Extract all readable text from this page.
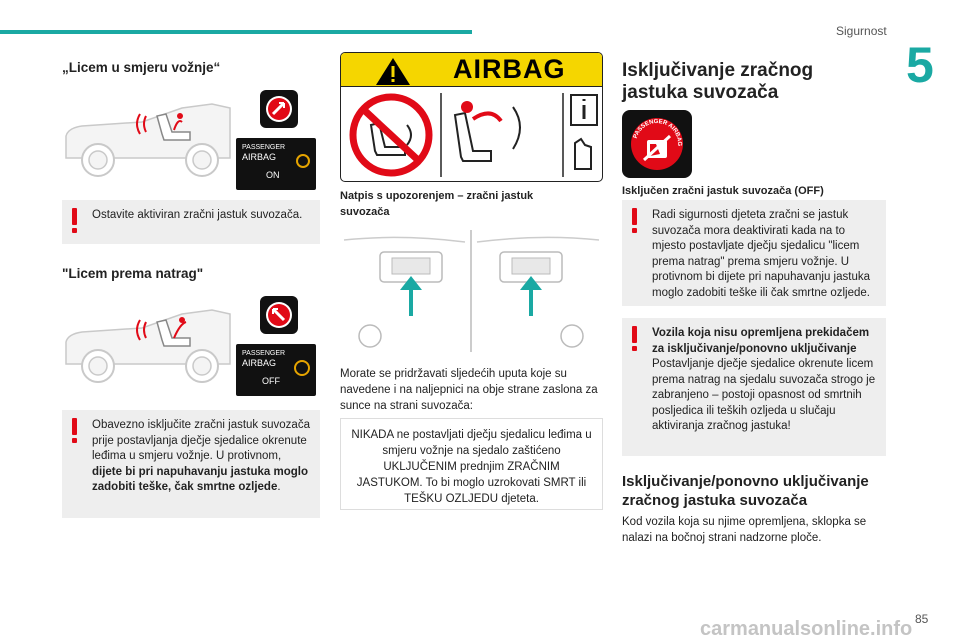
Sigurnost
5
„Licem u smjeru vožnje“
PASSENGER
AIRBAG
ON
Ostavite aktiviran zračni jastuk suvozača.
"Licem prema natrag"
PASSENGER
AIRBAG
OFF
Obavezno isključite zračni jastuk suvozača prije postavljanja dječje sjedalice okrenute leđima u smjeru vožnje. U protivnom, dijete bi pri napuhavanju jastuka moglo zadobiti teške, čak smrtne ozljede.
AIRBAG
Natpis s upozorenjem – zračni jastuk suvozača
Morate se pridržavati sljedećih uputa koje su navedene i na naljepnici na obje strane zaslona za sunce na strani suvozača:
NIKADA ne postavljati dječju sjedalicu leđima u smjeru vožnje na sjedalo zaštićeno UKLJUČENIM prednjim ZRAČNIM JASTUKOM. To bi moglo uzrokovati SMRT ili TEŠKU OZLJEDU djeteta.
Isključivanje zračnog jastuka suvozača
PASSENGER AIRBAG
Isključen zračni jastuk suvozača (OFF)
Radi sigurnosti djeteta zračni se jastuk suvozača mora deaktivirati kada na to mjesto postavljate dječju sjedalicu "licem prema natrag" prema smjeru vožnje. U protivnom bi dijete pri napuhavanju jastuka moglo zadobiti teške ili čak smrtne ozljede.
Vozila koja nisu opremljena prekidačem za isključivanje/ponovno uključivanje
Postavljanje dječje sjedalice okrenute licem prema natrag na sjedalu suvozača strogo je zabranjeno – postoji opasnost od smrtnih posljedica ili teških ozljeda u slučaju aktiviranja zračnog jastuka!
Isključivanje/ponovno uključivanje zračnog jastuka suvozača
Kod vozila koja su njime opremljena, sklopka se nalazi na bočnoj strani nadzorne ploče.
carmanualsonline.info 85
